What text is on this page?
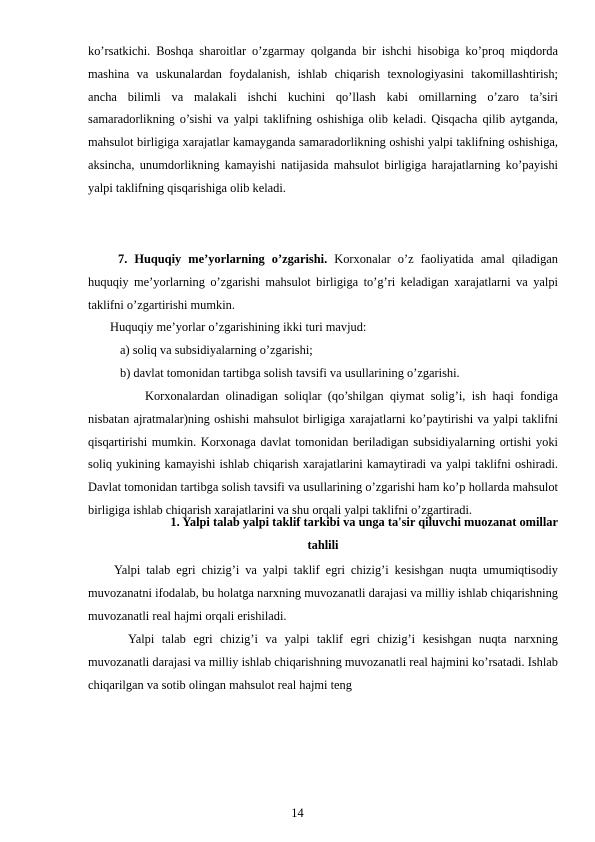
ko’rsatkichi. Boshqa sharoitlar o’zgarmay qolganda bir ishchi hisobiga ko’proq miqdorda mashina va uskunalardan foydalanish, ishlab chiqarish texnologiyasini takomillashtirish; ancha bilimli va malakali ishchi kuchini qo’llash kabi omillarning o’zaro ta’siri samaradorlikning o’sishi va yalpi taklifning oshishiga olib keladi. Qisqacha qilib aytganda, mahsulot birligiga xarajatlar kamayganda samaradorlikning oshishi yalpi taklifning oshishiga, aksincha, unumdorlikning kamayishi natijasida mahsulot birligiga harajatlarning ko’payishi yalpi taklifning qisqarishiga olib keladi.

7. Huquqiy me’yorlarning o’zgarishi. Korxonalar o’z faoliyatida amal qiladigan huquqiy me’yorlarning o’zgarishi mahsulot birligiga to’g’ri keladigan xarajatlarni va yalpi taklifni o’zgartirishi mumkin.

Huquqiy me’yorlar o’zgarishining ikki turi mavjud:

a) soliq va subsidiyalarning o’zgarishi;

b) davlat tomonidan tartibga solish tavsifi va usullarining o’zgarishi.

Korxonalardan olinadigan soliqlar (qo’shilgan qiymat solig’i, ish haqi fondiga nisbatan ajratmalar)ning oshishi mahsulot birligiga xarajatlarni ko’paytirishi va yalpi taklifni qisqartirishi mumkin. Korxonaga davlat tomonidan beriladigan subsidiyalarning ortishi yoki soliq yukining kamayishi ishlab chiqarish xarajatlarini kamaytiradi va yalpi taklifni oshiradi. Davlat tomonidan tartibga solish tavsifi va usullarining o’zgarishi ham ko’p hollarda mahsulot birligiga ishlab chiqarish xarajatlarini va shu orqali yalpi taklifni o’zgartiradi.

1. Yalpi talab yalpi taklif tarkibi va unga ta'sir qiluvchi muozanat omillar

tahlili

Yalpi talab egri chizig’i va yalpi taklif egri chizig’i kesishgan nuqta umumiqtisodiy muvozanatni ifodalab, bu holatga narxning muvozanatli darajasi va milliy ishlab chiqarishning muvozanatli real hajmi orqali erishiladi.

Yalpi talab egri chizig’i va yalpi taklif egri chizig’i kesishgan nuqta narxning muvozanatli darajasi va milliy ishlab chiqarishning muvozanatli real hajmini ko’rsatadi. Ishlab chiqarilgan va sotib olingan mahsulot real hajmi teng

14
